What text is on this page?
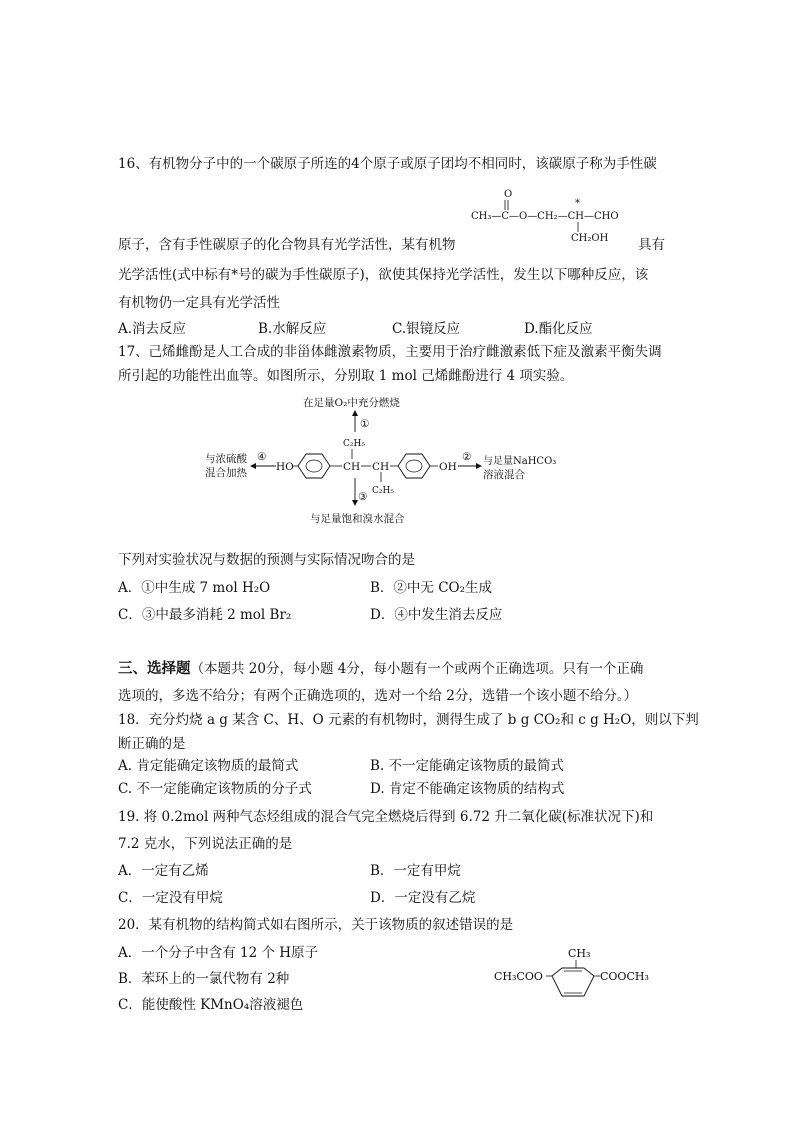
16、有机物分子中的一个碳原子所连的4个原子或原子团均不相同时，该碳原子称为手性碳
O
*
CH₃—C—O—CH₂—CH—CHO
CH₂OH
原子，含有手性碳原子的化合物具有光学活性，某有机物	具有
光学活性(式中标有*号的碳为手性碳原子)，欲使其保持光学活性，发生以下哪种反应，该
有机物仍一定具有光学活性
A.消去反应	B.水解反应	C.银镜反应	D.酯化反应
17、己烯雌酚是人工合成的非甾体雌激素物质，主要用于治疗雌激素低下症及激素平衡失调
所引起的功能性出血等。如图所示，分别取 1 mol 己烯雌酚进行 4 项实验。
在足量O₂中充分燃烧
①
C₂H₅
与浓硫酸
混合加热
④
HO	CH CH	OH
② 与足量NaHCO₃
溶液混合
C₂H₅
③
与足量饱和溴水混合
下列对实验状况与数据的预测与实际情况吻合的是
A．①中生成 7 mol H₂O	B．②中无 CO₂生成
C．③中最多消耗 2 mol Br₂	D．④中发生消去反应
三、选择题（本题共 20分，每小题 4分，每小题有一个或两个正确选项。只有一个正确
选项的，多选不给分；有两个正确选项的，选对一个给 2分，选错一个该小题不给分。）
18．充分灼烧 a g 某含 C、H、O 元素的有机物时，测得生成了 b g CO₂和 c g H₂O，则以下判
断正确的是
A. 肯定能确定该物质的最简式	B. 不一定能确定该物质的最简式
C. 不一定能确定该物质的分子式	D. 肯定不能确定该物质的结构式
19. 将 0.2mol 两种气态烃组成的混合气完全燃烧后得到 6.72 升二氧化碳(标准状况下)和
7.2 克水，下列说法正确的是
A．一定有乙烯	B．一定有甲烷
C．一定没有甲烷	D．一定没有乙烷
20．某有机物的结构简式如右图所示，关于该物质的叙述错误的是
A．一个分子中含有 12 个 H原子
B．苯环上的一氯代物有 2种
C．能使酸性 KMnO₄溶液褪色
CH₃
CH₃COO	COOCH₃
